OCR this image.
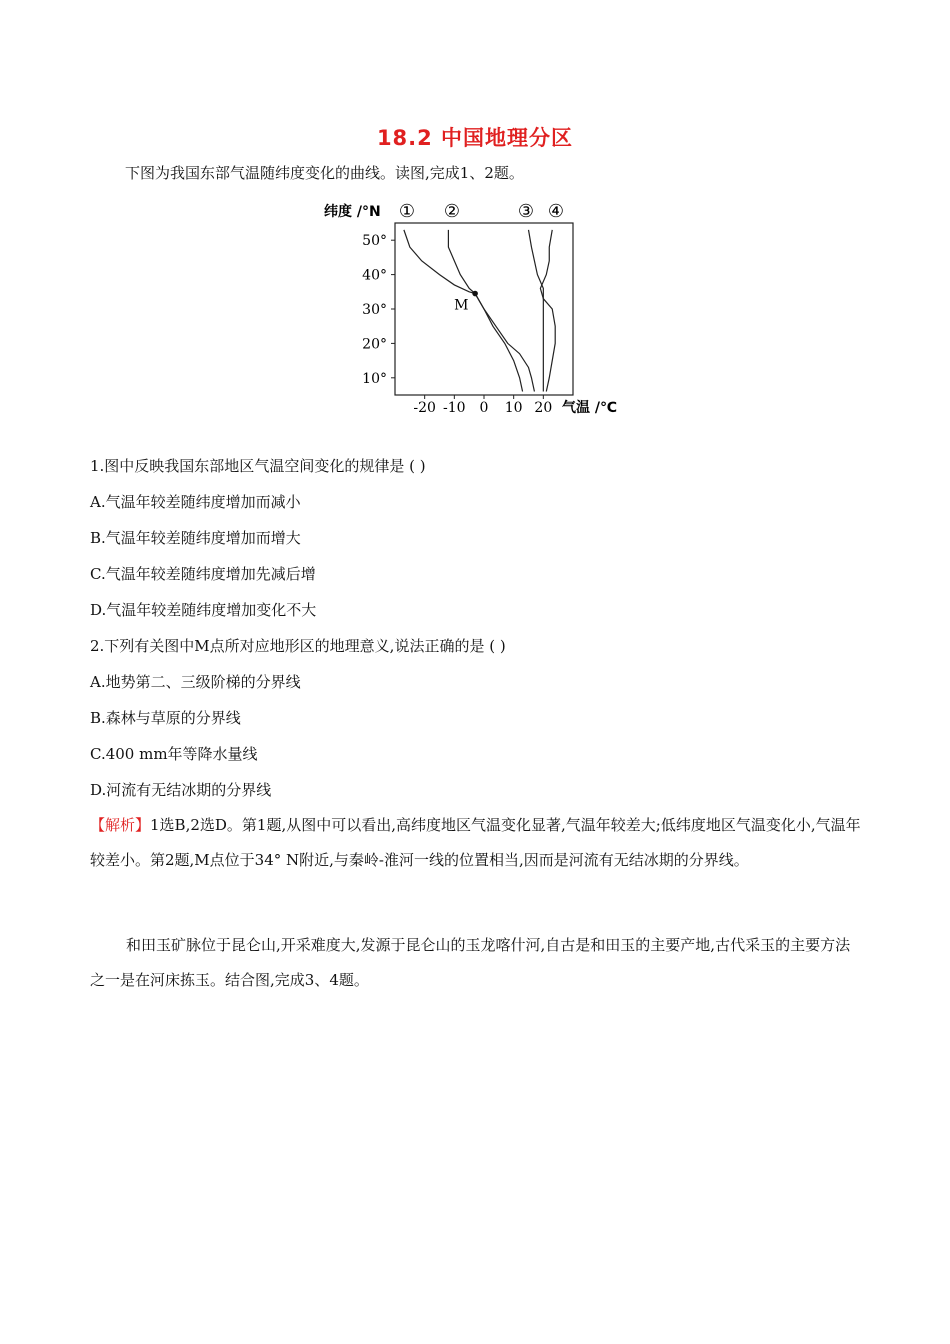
18.2 中国地理分区
下图为我国东部气温随纬度变化的曲线。读图,完成1、2题。
纬度 /°N
气温 /℃
50°
40°
30°
20°
10°
-20 -10 0 10 20
① ②	③ ④
M
1.图中反映我国东部地区气温空间变化的规律是 ( )
A.气温年较差随纬度增加而减小
B.气温年较差随纬度增加而增大
C.气温年较差随纬度增加先减后增
D.气温年较差随纬度增加变化不大
2.下列有关图中M点所对应地形区的地理意义,说法正确的是 ( )
A.地势第二、三级阶梯的分界线
B.森林与草原的分界线
C.400 mm年等降水量线
D.河流有无结冰期的分界线
【解析】1选B,2选D。第1题,从图中可以看出,高纬度地区气温变化显著,气温年较差大;低纬度地区气温变化小,气温年较差小。第2题,M点位于34° N附近,与秦岭-淮河一线的位置相当,因而是河流有无结冰期的分界线。
和田玉矿脉位于昆仑山,开采难度大,发源于昆仑山的玉龙喀什河,自古是和田玉的主要产地,古代采玉的主要方法之一是在河床拣玉。结合图,完成3、4题。
